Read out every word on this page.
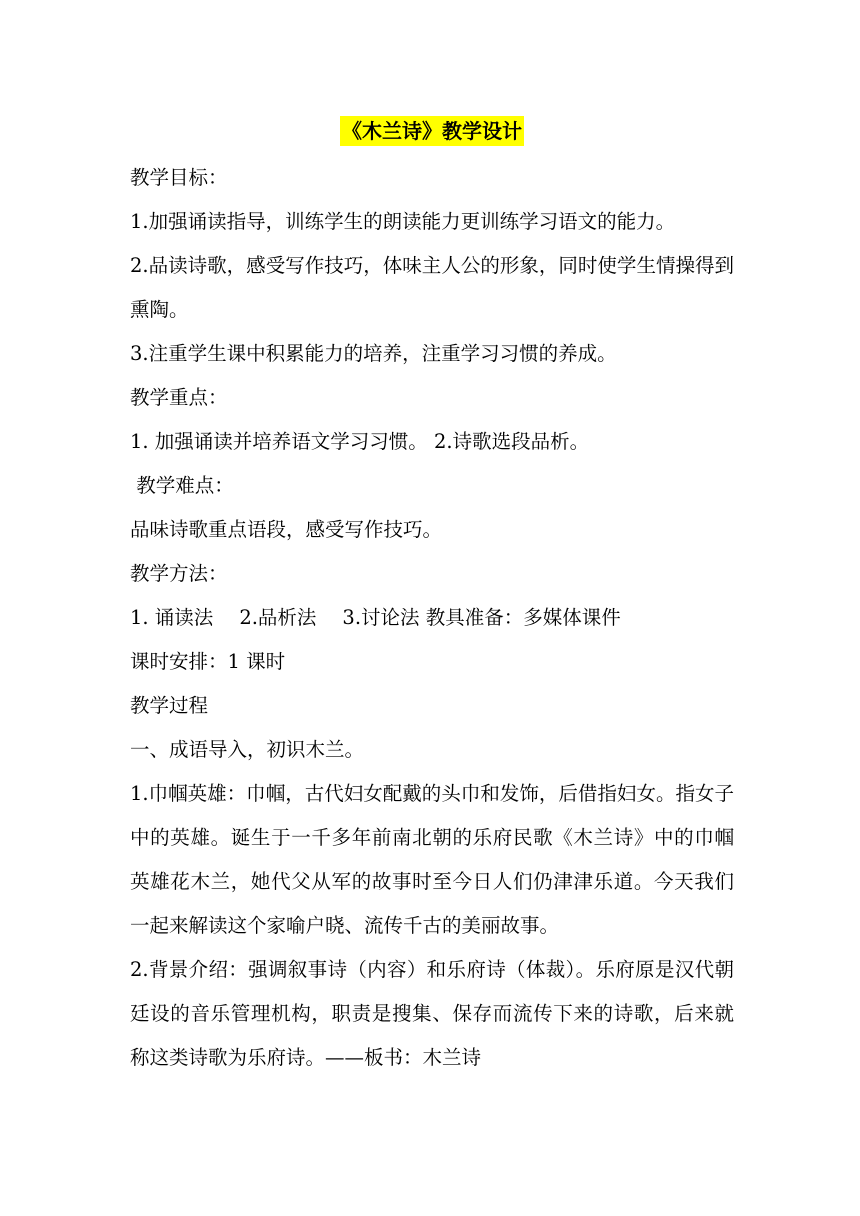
《木兰诗》教学设计

教学目标：

1.加强诵读指导，训练学生的朗读能力更训练学习语文的能力。

2.品读诗歌，感受写作技巧，体味主人公的形象，同时使学生情操得到熏陶。

3.注重学生课中积累能力的培养，注重学习习惯的养成。

教学重点：

1. 加强诵读并培养语文学习习惯。 2.诗歌选段品析。

教学难点：

品味诗歌重点语段，感受写作技巧。

教学方法：

1. 诵读法 2.品析法 3.讨论法 教具准备：多媒体课件

课时安排：1 课时

教学过程

一、成语导入，初识木兰。

1.巾帼英雄：巾帼，古代妇女配戴的头巾和发饰，后借指妇女。指女子中的英雄。诞生于一千多年前南北朝的乐府民歌《木兰诗》中的巾帼英雄花木兰，她代父从军的故事时至今日人们仍津津乐道。今天我们一起来解读这个家喻户晓、流传千古的美丽故事。

2.背景介绍：强调叙事诗（内容）和乐府诗（体裁）。乐府原是汉代朝廷设的音乐管理机构，职责是搜集、保存而流传下来的诗歌，后来就称这类诗歌为乐府诗。——板书：木兰诗
